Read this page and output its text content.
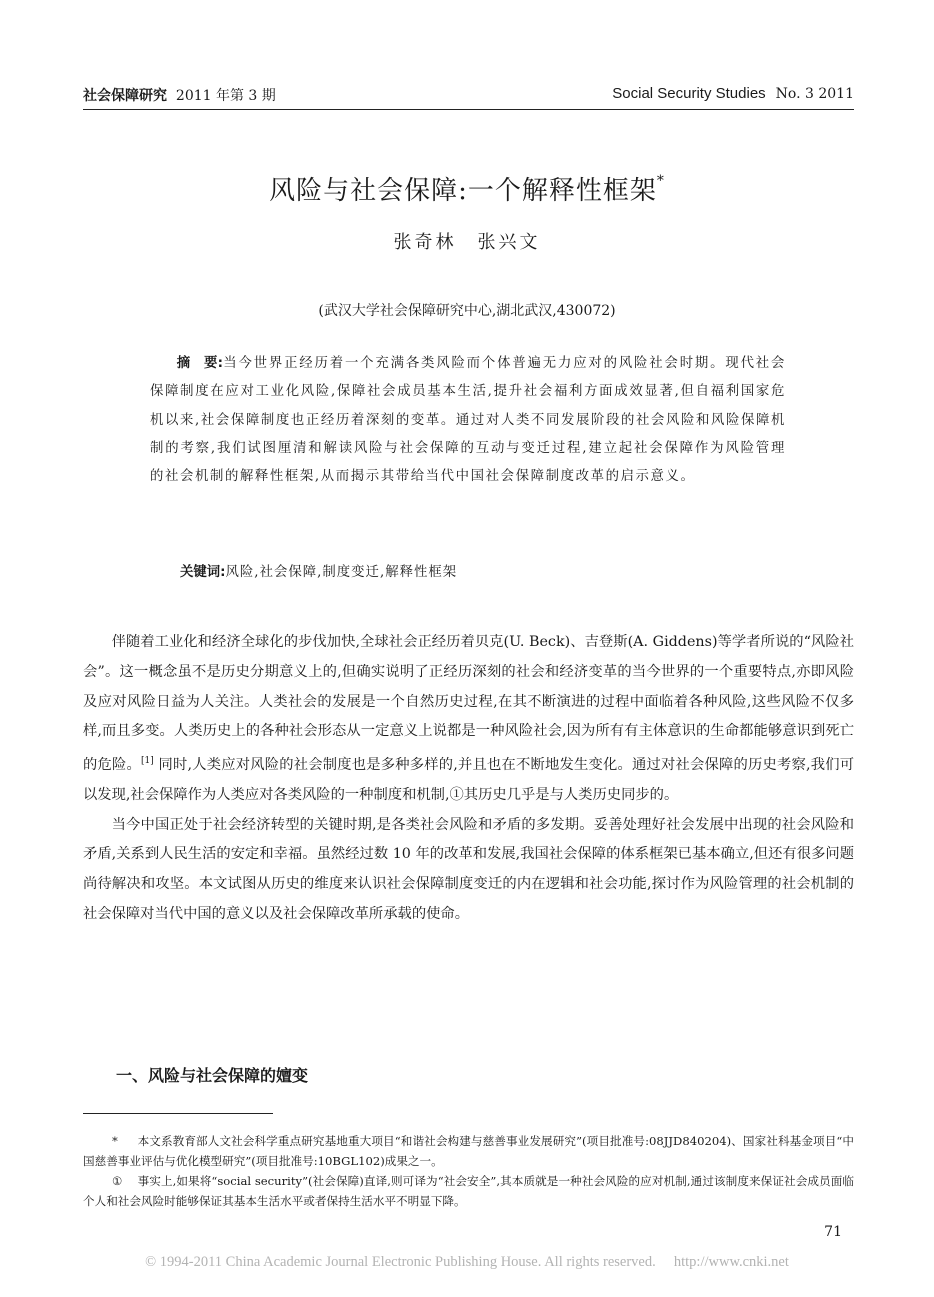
社会保障研究 2011 年第 3 期	Social Security Studies No. 3 2011
风险与社会保障:一个解释性框架*
张奇林　张兴文
(武汉大学社会保障研究中心,湖北武汉,430072)

摘　要:当今世界正经历着一个充满各类风险而个体普遍无力应对的风险社会时期。现代社会保障制度在应对工业化风险,保障社会成员基本生活,提升社会福利方面成效显著,但自福利国家危机以来,社会保障制度也正经历着深刻的变革。通过对人类不同发展阶段的社会风险和风险保障机制的考察,我们试图厘清和解读风险与社会保障的互动与变迁过程,建立起社会保障作为风险管理的社会机制的解释性框架,从而揭示其带给当代中国社会保障制度改革的启示意义。

关键词:风险,社会保障,制度变迁,解释性框架

伴随着工业化和经济全球化的步伐加快,全球社会正经历着贝克(U. Beck)、吉登斯(A. Giddens)等学者所说的“风险社会”。这一概念虽不是历史分期意义上的,但确实说明了正经历深刻的社会和经济变革的当今世界的一个重要特点,亦即风险及应对风险日益为人关注。人类社会的发展是一个自然历史过程,在其不断演进的过程中面临着各种风险,这些风险不仅多样,而且多变。人类历史上的各种社会形态从一定意义上说都是一种风险社会,因为所有有主体意识的生命都能够意识到死亡的危险。[1] 同时,人类应对风险的社会制度也是多种多样的,并且也在不断地发生变化。通过对社会保障的历史考察,我们可以发现,社会保障作为人类应对各类风险的一种制度和机制,①其历史几乎是与人类历史同步的。

当今中国正处于社会经济转型的关键时期,是各类社会风险和矛盾的多发期。妥善处理好社会发展中出现的社会风险和矛盾,关系到人民生活的安定和幸福。虽然经过数 10 年的改革和发展,我国社会保障的体系框架已基本确立,但还有很多问题尚待解决和攻坚。本文试图从历史的维度来认识社会保障制度变迁的内在逻辑和社会功能,探讨作为风险管理的社会机制的社会保障对当代中国的意义以及社会保障改革所承载的使命。

一、风险与社会保障的嬗变

* 本文系教育部人文社会科学重点研究基地重大项目“和谐社会构建与慈善事业发展研究”(项目批准号:08JJD840204)、国家社科基金项目“中国慈善事业评估与优化模型研究”(项目批准号:10BGL102)成果之一。

① 事实上,如果将“social security”(社会保障)直译,则可译为“社会安全”,其本质就是一种社会风险的应对机制,通过该制度来保证社会成员面临个人和社会风险时能够保证其基本生活水平或者保持生活水平不明显下降。

71
© 1994-2011 China Academic Journal Electronic Publishing House. All rights reserved.　 http://www.cnki.net
